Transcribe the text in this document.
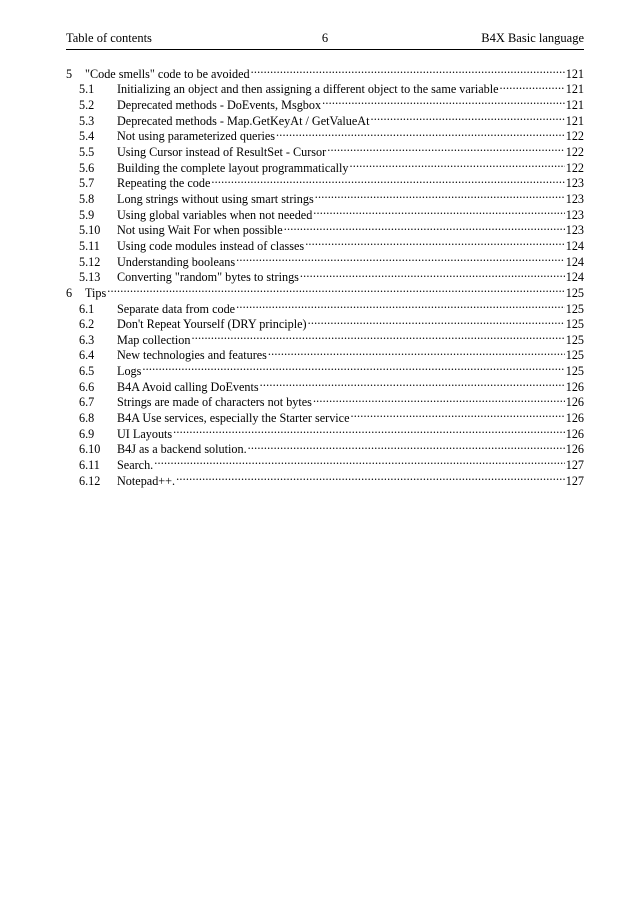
Table of contents	6	B4X Basic language
5	"Code smells" code to be avoided .....	121
5.1	Initializing an object and then assigning a different object to the same variable .....	121
5.2	Deprecated methods - DoEvents, Msgbox .....	121
5.3	Deprecated methods - Map.GetKeyAt / GetValueAt .....	121
5.4	Not using parameterized queries .....	122
5.5	Using Cursor instead of ResultSet - Cursor .....	122
5.6	Building the complete layout programmatically .....	122
5.7	Repeating the code .....	123
5.8	Long strings without using smart strings .....	123
5.9	Using global variables when not needed .....	123
5.10	Not using Wait For when possible .....	123
5.11	Using code modules instead of classes .....	124
5.12	Understanding booleans .....	124
5.13	Converting "random" bytes to strings .....	124
6	Tips .....	125
6.1	Separate data from code .....	125
6.2	Don't Repeat Yourself (DRY principle) .....	125
6.3	Map collection .....	125
6.4	New technologies and features .....	125
6.5	Logs .....	125
6.6	B4A Avoid calling DoEvents .....	126
6.7	Strings are made of characters not bytes .....	126
6.8	B4A Use services, especially the Starter service .....	126
6.9	UI Layouts .....	126
6.10	B4J as a backend solution. .....	126
6.11	Search. .....	127
6.12	Notepad++. .....	127
